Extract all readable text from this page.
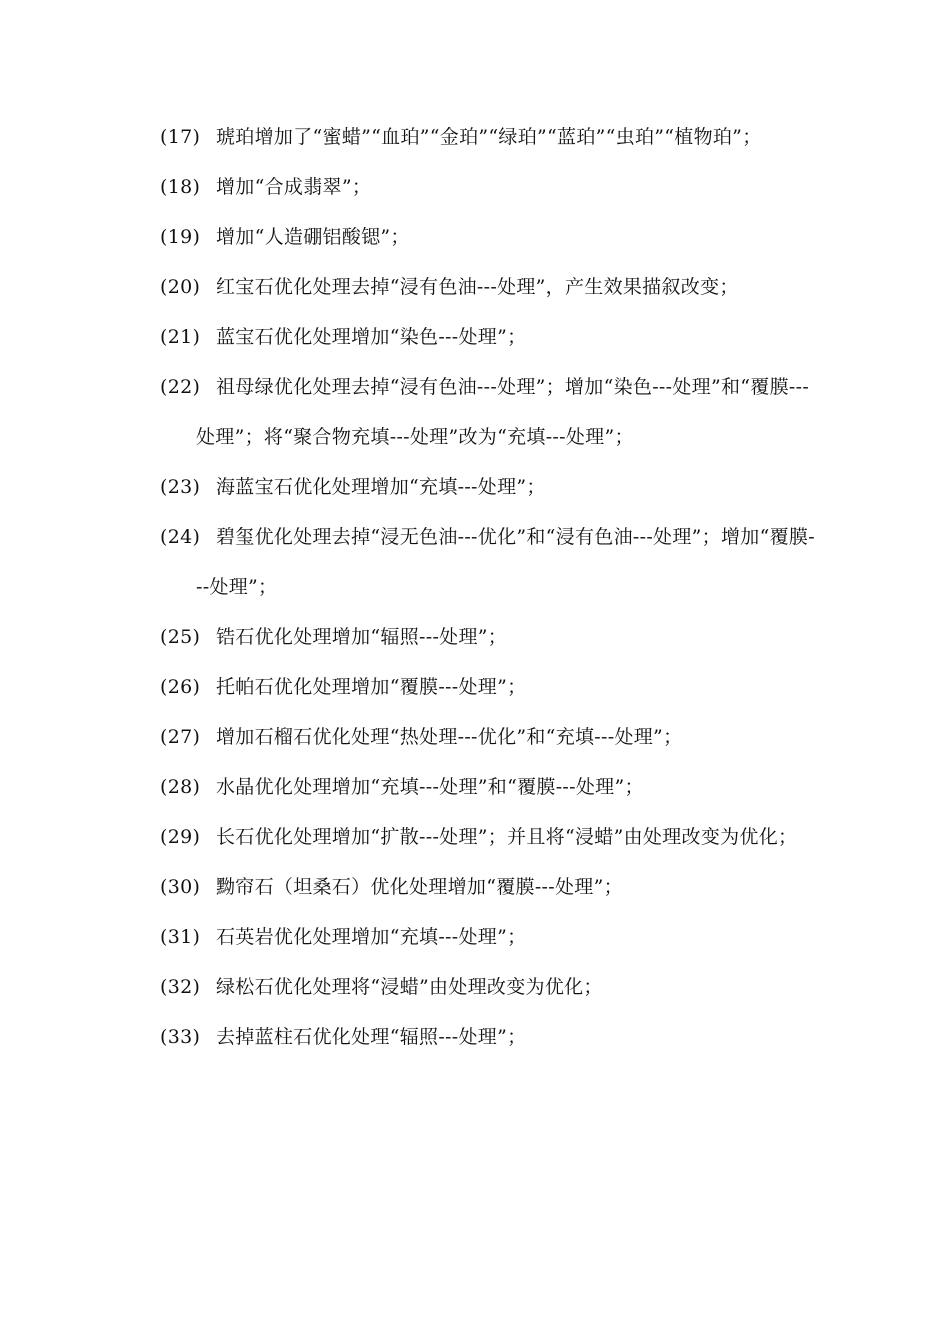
(17) 琥珀增加了“蜜蜡”“血珀”“金珀”“绿珀”“蓝珀”“虫珀”“植物珀”；
(18) 增加“合成翡翠”；
(19) 增加“人造硼铝酸锶”；
(20) 红宝石优化处理去掉“浸有色油---处理”，产生效果描叙改变；
(21) 蓝宝石优化处理增加“染色---处理”；
(22) 祖母绿优化处理去掉“浸有色油---处理”；增加“染色---处理”和“覆膜---处理”；将“聚合物充填---处理”改为“充填---处理”；
(23) 海蓝宝石优化处理增加“充填---处理”；
(24) 碧玺优化处理去掉“浸无色油---优化”和“浸有色油---处理”；增加“覆膜---处理”；
(25) 锆石优化处理增加“辐照---处理”；
(26) 托帕石优化处理增加“覆膜---处理”；
(27) 增加石榴石优化处理“热处理---优化”和“充填---处理”；
(28) 水晶优化处理增加“充填---处理”和“覆膜---处理”；
(29) 长石优化处理增加“扩散---处理”；并且将“浸蜡”由处理改变为优化；
(30) 黝帘石（坦桑石）优化处理增加“覆膜---处理”；
(31) 石英岩优化处理增加“充填---处理”；
(32) 绿松石优化处理将“浸蜡”由处理改变为优化；
(33) 去掉蓝柱石优化处理“辐照---处理”；
